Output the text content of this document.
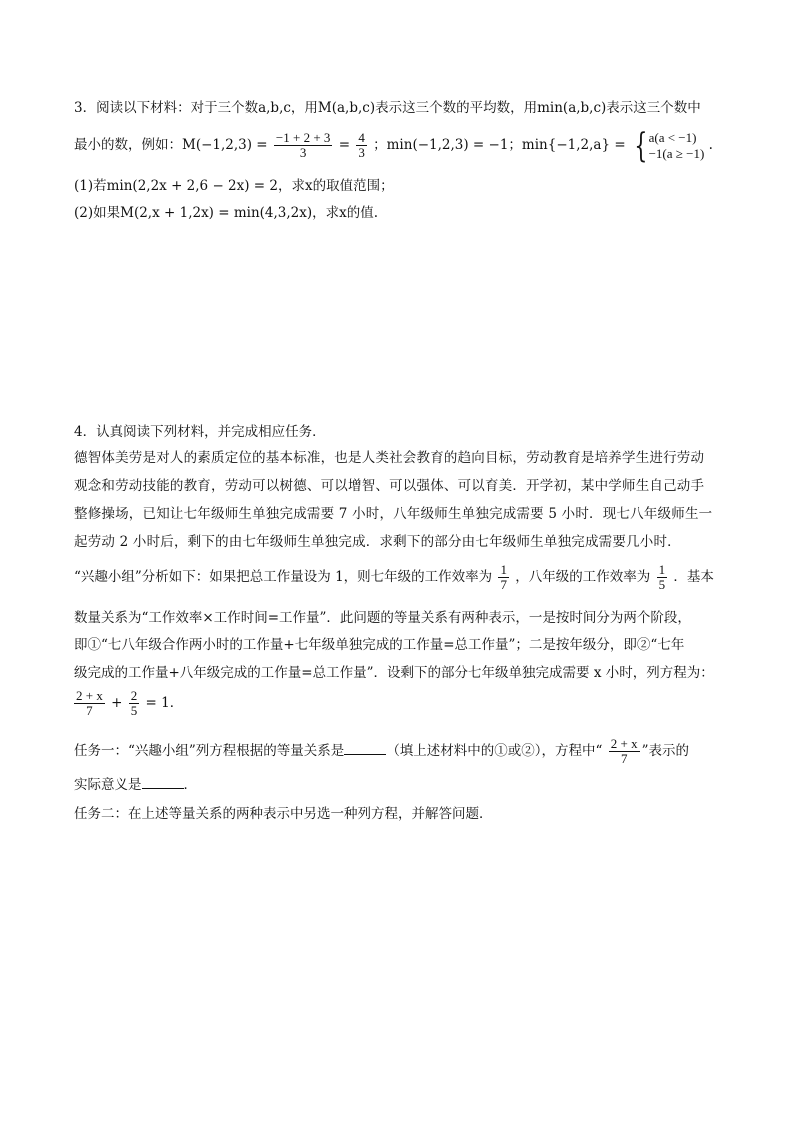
3．阅读以下材料：对于三个数a,b,c，用M(a,b,c)表示这三个数的平均数，用min(a,b,c)表示这三个数中
最小的数，例如：$M(-1,2,3) = \frac{-1 + 2 + 3}{3} = \frac{4}{3}$ ；min(−1,2,3) = −1；min{−1,2,a} = { a(a < −1)
−1(a ≥ −1) .
(1)若min(2,2x + 2,6 − 2x) = 2，求x的取值范围；
(2)如果M(2,x + 1,2x) = min(4,3,2x)，求x的值.
4．认真阅读下列材料，并完成相应任务．
德智体美劳是对人的素质定位的基本标准，也是人类社会教育的趋向目标，劳动教育是培养学生进行劳动
观念和劳动技能的教育，劳动可以树德、可以增智、可以强体、可以育美．开学初，某中学师生自己动手
整修操场，已知让七年级师生单独完成需要 7 小时，八年级师生单独完成需要 5 小时．现七八年级师生一
起劳动 2 小时后，剩下的由七年级师生单独完成．求剩下的部分由七年级师生单独完成需要几小时．
“兴趣小组”分析如下：如果把总工作量设为 1，则七年级的工作效率为 $\frac{1}{7}$ ，八年级的工作效率为 $\frac{1}{5}$ ．基本
数量关系为“工作效率×工作时间=工作量”．此问题的等量关系有两种表示，一是按时间分为两个阶段，
即①“七八年级合作两小时的工作量+七年级单独完成的工作量=总工作量”；二是按年级分，即②“七年
级完成的工作量+八年级完成的工作量=总工作量”．设剩下的部分七年级单独完成需要 x 小时，列方程为：
$\frac{2 + x}{7} + \frac{2}{5} = 1$．
任务一：“兴趣小组”列方程根据的等量关系是	（填上述材料中的①或②），方程中“ $\frac{2 + x}{7}$ ”表示的
实际意义是	．
任务二：在上述等量关系的两种表示中另选一种列方程，并解答问题．
